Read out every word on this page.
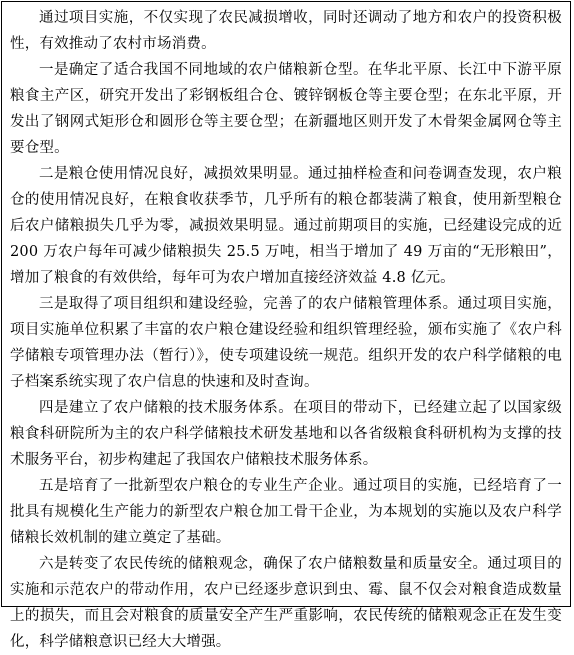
通过项目实施，不仅实现了农民减损增收，同时还调动了地方和农户的投资积极性，有效推动了农村市场消费。

一是确定了适合我国不同地域的农户储粮新仓型。在华北平原、长江中下游平原粮食主产区，研究开发出了彩钢板组合仓、镀锌钢板仓等主要仓型；在东北平原，开发出了钢网式矩形仓和圆形仓等主要仓型；在新疆地区则开发了木骨架金属网仓等主要仓型。

二是粮仓使用情况良好，减损效果明显。通过抽样检查和问卷调查发现，农户粮仓的使用情况良好，在粮食收获季节，几乎所有的粮仓都装满了粮食，使用新型粮仓后农户储粮损失几乎为零，减损效果明显。通过前期项目的实施，已经建设完成的近 200 万农户每年可减少储粮损失 25.5 万吨，相当于增加了 49 万亩的“无形粮田”，增加了粮食的有效供给，每年可为农户增加直接经济效益 4.8 亿元。

三是取得了项目组织和建设经验，完善了的农户储粮管理体系。通过项目实施，项目实施单位积累了丰富的农户粮仓建设经验和组织管理经验，颁布实施了《农户科学储粮专项管理办法（暂行）》，使专项建设统一规范。组织开发的农户科学储粮的电子档案系统实现了农户信息的快速和及时查询。

四是建立了农户储粮的技术服务体系。在项目的带动下，已经建立起了以国家级粮食科研院所为主的农户科学储粮技术研发基地和以各省级粮食科研机构为支撑的技术服务平台，初步构建起了我国农户储粮技术服务体系。

五是培育了一批新型农户粮仓的专业生产企业。通过项目的实施，已经培育了一批具有规模化生产能力的新型农户粮仓加工骨干企业，为本规划的实施以及农户科学储粮长效机制的建立奠定了基础。

六是转变了农民传统的储粮观念，确保了农户储粮数量和质量安全。通过项目的实施和示范农户的带动作用，农户已经逐步意识到虫、霉、鼠不仅会对粮食造成数量上的损失，而且会对粮食的质量安全产生严重影响，农民传统的储粮观念正在发生变化，科学储粮意识已经大大增强。
